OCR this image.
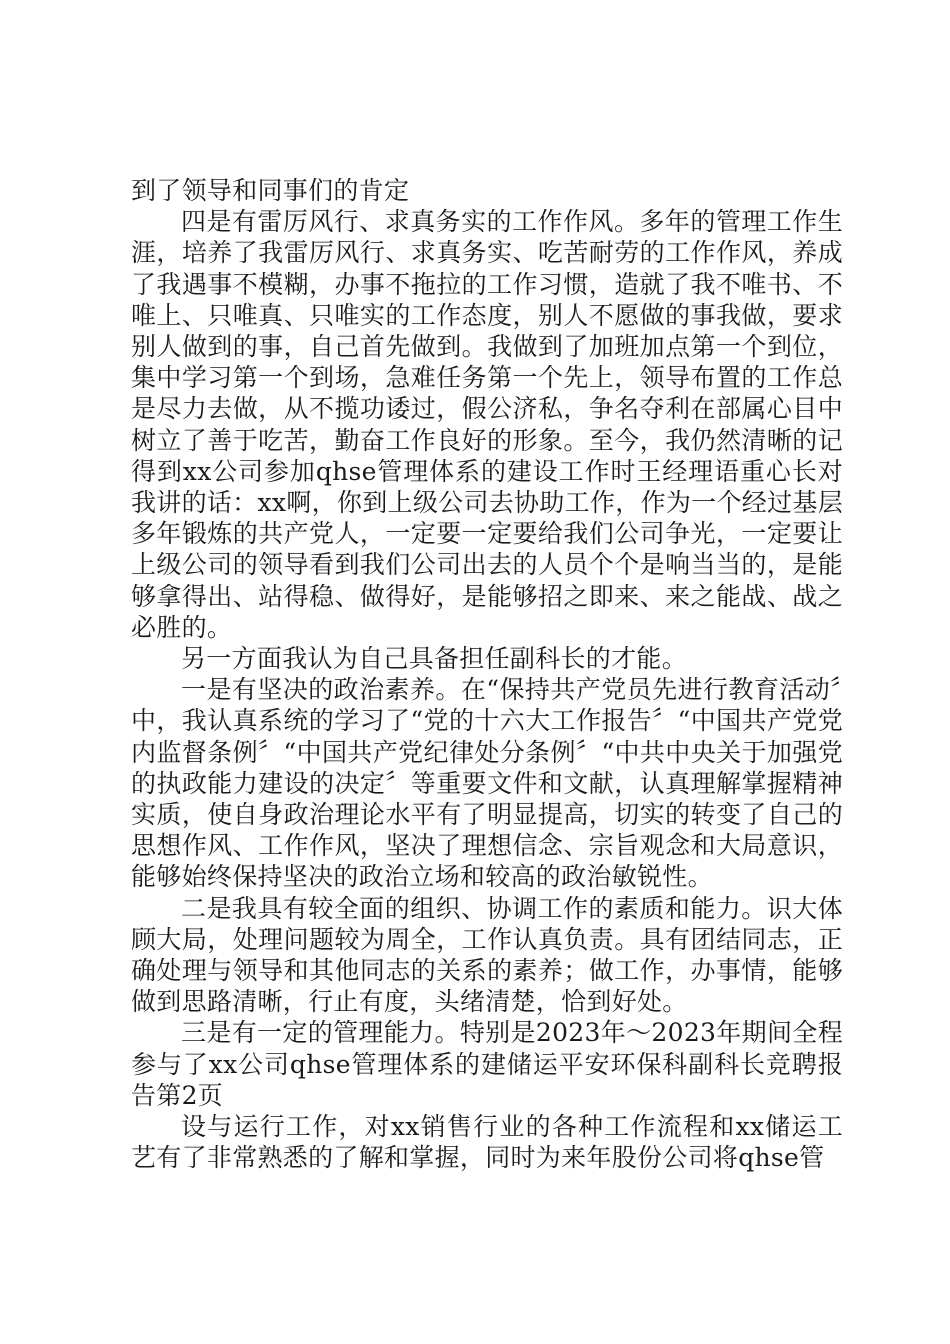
到了领导和同事们的肯定

四是有雷厉风行、求真务实的工作作风。多年的管理工作生涯，培养了我雷厉风行、求真务实、吃苦耐劳的工作作风，养成了我遇事不模糊，办事不拖拉的工作习惯，造就了我不唯书、不唯上、只唯真、只唯实的工作态度，别人不愿做的事我做，要求别人做到的事，自己首先做到。我做到了加班加点第一个到位，集中学习第一个到场，急难任务第一个先上，领导布置的工作总是尽力去做，从不揽功诿过，假公济私，争名夺利在部属心目中树立了善于吃苦，勤奋工作良好的形象。至今，我仍然清晰的记得到xx公司参加qhse管理体系的建设工作时王经理语重心长对我讲的话：xx啊，你到上级公司去协助工作，作为一个经过基层多年锻炼的共产党人，一定要一定要给我们公司争光，一定要让上级公司的领导看到我们公司出去的人员个个是响当当的，是能够拿得出、站得稳、做得好，是能够招之即来、来之能战、战之必胜的。

另一方面我认为自己具备担任副科长的才能。

一是有坚决的政治素养。在“保持共产党员先进行教育活动〞中，我认真系统的学习了“党的十六大工作报告〞“中国共产党党内监督条例〞“中国共产党纪律处分条例〞“中共中央关于加强党的执政能力建设的决定〞等重要文件和文献，认真理解掌握精神实质，使自身政治理论水平有了明显提高，切实的转变了自己的思想作风、工作作风，坚决了理想信念、宗旨观念和大局意识，能够始终保持坚决的政治立场和较高的政治敏锐性。

二是我具有较全面的组织、协调工作的素质和能力。识大体顾大局，处理问题较为周全，工作认真负责。具有团结同志，正确处理与领导和其他同志的关系的素养；做工作，办事情，能够做到思路清晰，行止有度，头绪清楚，恰到好处。

三是有一定的管理能力。特别是2023年～2023年期间全程参与了xx公司qhse管理体系的建储运平安环保科副科长竞聘报告第2页

设与运行工作，对xx销售行业的各种工作流程和xx储运工艺有了非常熟悉的了解和掌握，同时为来年股份公司将qhse管
